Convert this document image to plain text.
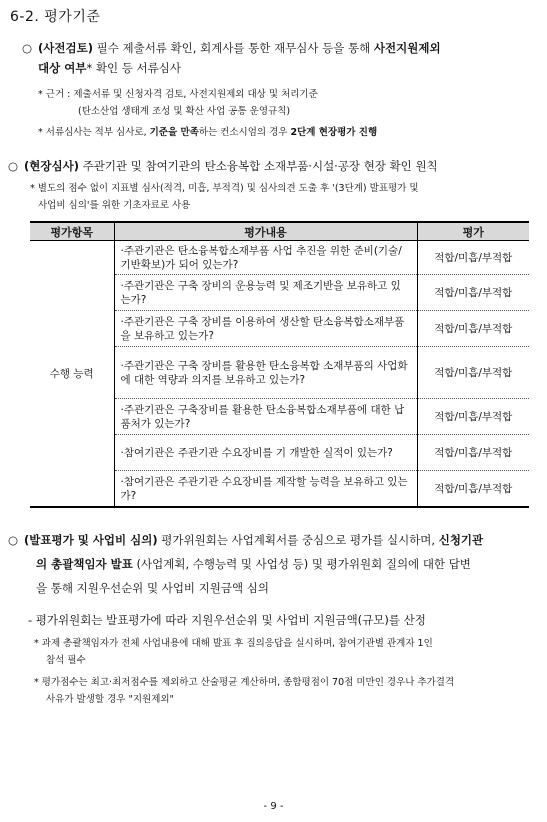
6-2. 평가기준
○ (사전검토) 필수 제출서류 확인, 회계사를 통한 재무심사 등을 통해 사전지원제외
대상 여부* 확인 등 서류심사
* 근거 : 제출서류 및 신청자격 검토, 사전지원제외 대상 및 처리기준
(탄소산업 생태계 조성 및 확산 사업 공통 운영규칙)
* 서류심사는 적부 심사로, 기준을 만족하는 컨소시엄의 경우 2단계 현장평가 진행
○ (현장심사) 주관기관 및 참여기관의 탄소융복합 소재부품·시설·공장 현장 확인 원칙
* 별도의 점수 없이 지표별 심사(적격, 미흡, 부적격) 및 심사의견 도출 후 '(3단계) 발표평가 및
사업비 심의'를 위한 기초자료로 사용
평가항목	평가내용	평가
수행 능력	‧주관기관은 탄소융복합소재부품 사업 추진을 위한 준비(기술/기반확보)가 되어 있는가?	적합/미흡/부적합
	‧주관기관은 구축 장비의 운용능력 및 제조기반을 보유하고 있는가?	적합/미흡/부적합
	‧주관기관은 구축 장비를 이용하여 생산할 탄소융복합소재부품을 보유하고 있는가?	적합/미흡/부적합
	‧주관기관은 구축 장비를 활용한 탄소융복합 소재부품의 사업화에 대한 역량과 의지를 보유하고 있는가?	적합/미흡/부적합
	‧주관기관은 구축장비를 활용한 탄소융복합소재부품에 대한 납품처가 있는가?	적합/미흡/부적합
	‧참여기관은 주관기관 수요장비를 기 개발한 실적이 있는가?	적합/미흡/부적합
	‧참여기관은 주관기관 수요장비를 제작할 능력을 보유하고 있는가?	적합/미흡/부적합
○ (발표평가 및 사업비 심의) 평가위원회는 사업계획서를 중심으로 평가를 실시하며, 신청기관
의 총괄책임자 발표 (사업계획, 수행능력 및 사업성 등) 및 평가위원회 질의에 대한 답변
을 통해 지원우선순위 및 사업비 지원금액 심의
- 평가위원회는 발표평가에 따라 지원우선순위 및 사업비 지원금액(규모)를 산정
* 과제 총괄책임자가 전체 사업내용에 대해 발표 후 질의응답을 실시하며, 참여기관별 관계자 1인
참석 필수
* 평가점수는 최고·최저점수를 제외하고 산술평균 계산하며, 종합평점이 70점 미만인 경우나 추가결격
사유가 발생할 경우 "지원제외"
- 9 -
